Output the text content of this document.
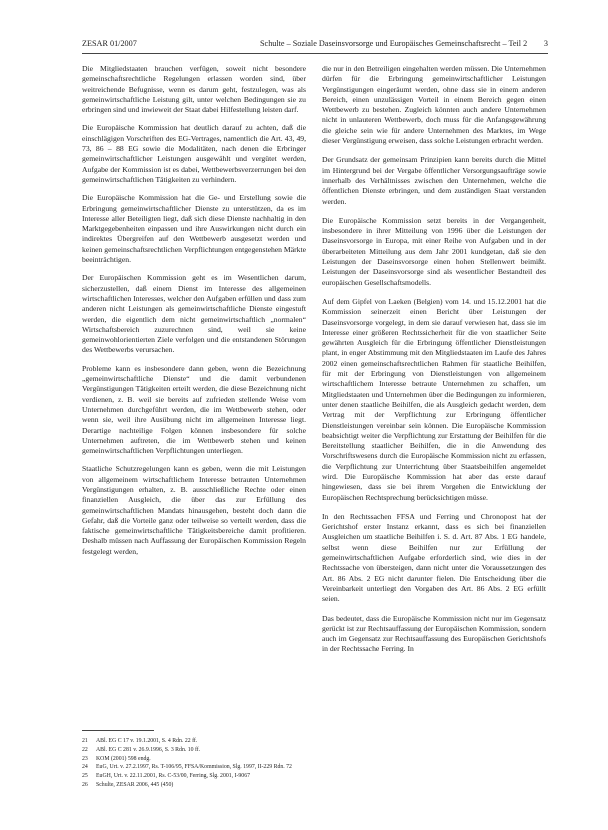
ZESAR 01/2007	Schulte – Soziale Daseinsvorsorge und Europäisches Gemeinschaftsrecht – Teil 2 3

Die Mitgliedstaaten brauchen verfügen, soweit nicht besondere gemeinschaftsrechtliche Regelungen erlassen worden sind, über weitreichende Befugnisse, wenn es darum geht, festzulegen, was als gemeinwirtschaftliche Leistung gilt, unter welchen Bedingungen sie zu erbringen sind und inwieweit der Staat dabei Hilfestellung leisten darf.

Die Europäische Kommission hat deutlich darauf zu achten, daß die einschlägigen Vorschriften des EG-Vertrages, namentlich die Art. 43, 49, 73, 86 – 88 EG sowie die Modalitäten, nach denen die Erbringer gemeinwirtschaftlicher Leistungen ausgewählt und vergütet werden, Aufgabe der Kommission ist es dabei, Wettbewerbsverzerrungen bei den gemeinwirtschaftlichen Tätigkeiten zu verhindern.

Die Europäische Kommission hat die Ge- und Erstellung sowie die Erbringung gemeinwirtschaftlicher Dienste zu unterstützen, da es im Interesse aller Beteiligten liegt, daß sich diese Dienste nachhaltig in den Marktgegebenheiten einpassen und ihre Auswirkungen nicht durch ein indirektes Übergreifen auf den Wettbewerb ausgesetzt werden und keinen gemeinschaftsrechtlichen Verpflichtungen entgegenstehen Märkte beeinträchtigen.

Der Europäischen Kommission geht es im Wesentlichen darum, sicherzustellen, daß einem Dienst im Interesse des allgemeinen wirtschaftlichen Interesses, welcher den Aufgaben erfüllen und dass zum anderen nicht Leistungen als gemeinwirtschaftliche Dienste eingestuft werden, die eigentlich dem nicht gemeinwirtschaftlich „normalen“ Wirtschaftsbereich zuzurechnen sind, weil sie keine gemeinwohlorientierten Ziele verfolgen und die entstandenen Störungen des Wettbewerbs verursachen.

Probleme kann es insbesondere dann geben, wenn die Bezeichnung „gemeinwirtschaftliche Dienste“ und die damit verbundenen Vergünstigungen Tätigkeiten erteilt werden, die diese Bezeichnung nicht verdienen, z. B. weil sie bereits auf zufrieden stellende Weise vom Unternehmen durchgeführt werden, die im Wettbewerb stehen, oder wenn sie, weil ihre Ausübung nicht im allgemeinen Interesse liegt. Derartige nachteilige Folgen können insbesondere für solche Unternehmen auftreten, die im Wettbewerb stehen und keinen gemeinwirtschaftlichen Verpflichtungen unterliegen.

Staatliche Schutzregelungen kann es geben, wenn die mit Leistungen von allgemeinem wirtschaftlichem Interesse betrauten Unternehmen Vergünstigungen erhalten, z. B. ausschließliche Rechte oder einen finanziellen Ausgleich, die über das zur Erfüllung des gemeinwirtschaftlichen Mandats hinausgehen, besteht doch dann die Gefahr, daß die Vorteile ganz oder teilweise so verteilt werden, dass die faktische gemeinwirtschaftliche Tätigkeitsbereiche damit profitieren. Deshalb müssen nach Auffassung der Europäischen Kommission Regeln festgelegt werden,

die nur in den Betreiligen eingehalten werden müssen. Die Unternehmen dürfen für die Erbringung gemeinwirtschaftlicher Leistungen Vergünstigungen eingeräumt werden, ohne dass sie in einem anderen Bereich, einen unzulässigen Vorteil in einem Bereich gegen einen Wettbewerb zu bestehen. Zugleich könnten auch andere Unternehmen nicht in unlauteren Wettbewerb, doch muss für die Anfangsgewährung die gleiche sein wie für andere Unternehmen des Marktes, im Wege dieser Vergünstigung erweisen, dass solche Leistungen erbracht werden.

Der Grundsatz der gemeinsam Prinzipien kann bereits durch die Mittel im Hintergrund bei der Vergabe öffentlicher Versorgungsaufträge sowie innerhalb des Verhältnisses zwischen den Unternehmen, welche die öffentlichen Dienste erbringen, und dem zuständigen Staat verstanden werden.

Die Europäische Kommission setzt bereits in der Vergangenheit, insbesondere in ihrer Mitteilung von 1996 über die Leistungen der Daseinsvorsorge in Europa, mit einer Reihe von Aufgaben und in der überarbeiteten Mitteilung aus dem Jahr 2001 kundgetan, daß sie den Leistungen der Daseinsvorsorge einen hohen Stellenwert beimißt. Leistungen der Daseinsvorsorge sind als wesentlicher Bestandteil des europäischen Gesellschaftsmodells.

Auf dem Gipfel von Laeken (Belgien) vom 14. und 15.12.2001 hat die Kommission seinerzeit einen Bericht über Leistungen der Daseinsvorsorge vorgelegt, in dem sie darauf verwiesen hat, dass sie im Interesse einer größeren Rechtssicherheit für die von staatlicher Seite gewährten Ausgleich für die Erbringung öffentlicher Dienstleistungen plant, in enger Abstimmung mit den Mitgliedstaaten im Laufe des Jahres 2002 einen gemeinschaftsrechtlichen Rahmen für staatliche Beihilfen, für mit der Erbringung von Dienstleistungen von allgemeinem wirtschaftlichem Interesse betraute Unternehmen zu schaffen, um Mitgliedstaaten und Unternehmen über die Bedingungen zu informieren, unter denen staatliche Beihilfen, die als Ausgleich gedacht werden, dem Vertrag mit der Verpflichtung zur Erbringung öffentlicher Dienstleistungen vereinbar sein können. Die Europäische Kommission beabsichtigt weiter die Verpflichtung zur Erstattung der Beihilfen für die Bereitstellung staatlicher Beihilfen, die in die Anwendung des Vorschriftswesens durch die Europäische Kommission nicht zu erfassen, die Verpflichtung zur Unterrichtung über Staatsbeihilfen angemeldet wird. Die Europäische Kommission hat aber das erste darauf hingewiesen, dass sie bei ihrem Vorgehen die Entwicklung der Europäischen Rechtsprechung berücksichtigen müsse.

In den Rechtssachen FFSA und Ferring und Chronopost hat der Gerichtshof erster Instanz erkannt, dass es sich bei finanziellen Ausgleichen um staatliche Beihilfen i. S. d. Art. 87 Abs. 1 EG handele, selbst wenn diese Beihilfen nur zur Erfüllung der gemeinwirtschaftlichen Aufgabe erforderlich sind, wie dies in der Rechtssache von übersteigen, dann nicht unter die Voraussetzungen des Art. 86 Abs. 2 EG nicht darunter fielen. Die Entscheidung über die Vereinbarkeit unterliegt den Vorgaben des Art. 86 Abs. 2 EG erfüllt seien.

Das bedeutet, dass die Europäische Kommission nicht nur im Gegensatz gerückt ist zur Rechtsauffassung der Europäischen Kommission, sondern auch im Gegensatz zur Rechtsauffassung des Europäischen Gerichtshofs in der Rechtssache Ferring. In

21 ABl. EG C 17 v. 19.1.2001, S. 4 Rdn. 22 ff.
22 ABl. EG C 281 v. 26.9.1996, S. 3 Rdn. 10 ff.
23 KOM (2001) 598 endg.
24 EuG, Urt. v. 27.2.1997, Rs. T-106/95, FFSA/Kommission, Slg. 1997, II-229 Rdn. 72
25 EuGH, Urt. v. 22.11.2001, Rs. C-53/00, Ferring, Slg. 2001, I-9067
26 Schulte, ZESAR 2006, 445 (450)
